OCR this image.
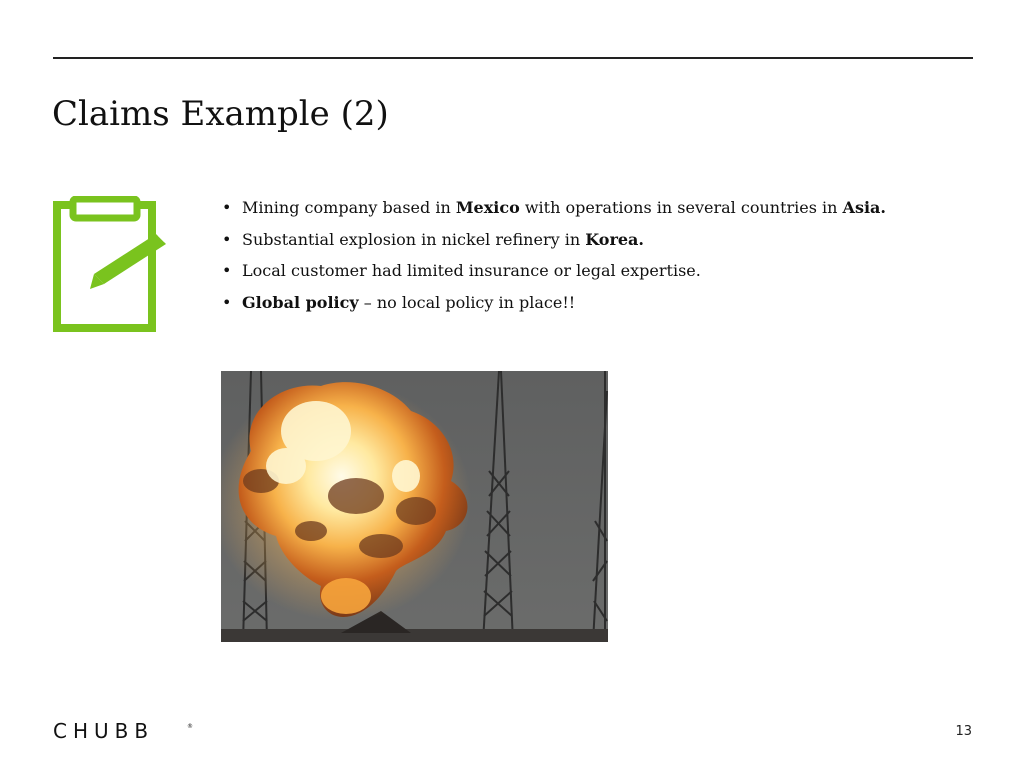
Claims Example (2)
• Mining company based in Mexico with operations in several countries in Asia.
• Substantial explosion in nickel refinery in Korea.
• Local customer had limited insurance or legal expertise.
• Global policy – no local policy in place!!
CHUBB	®	13
